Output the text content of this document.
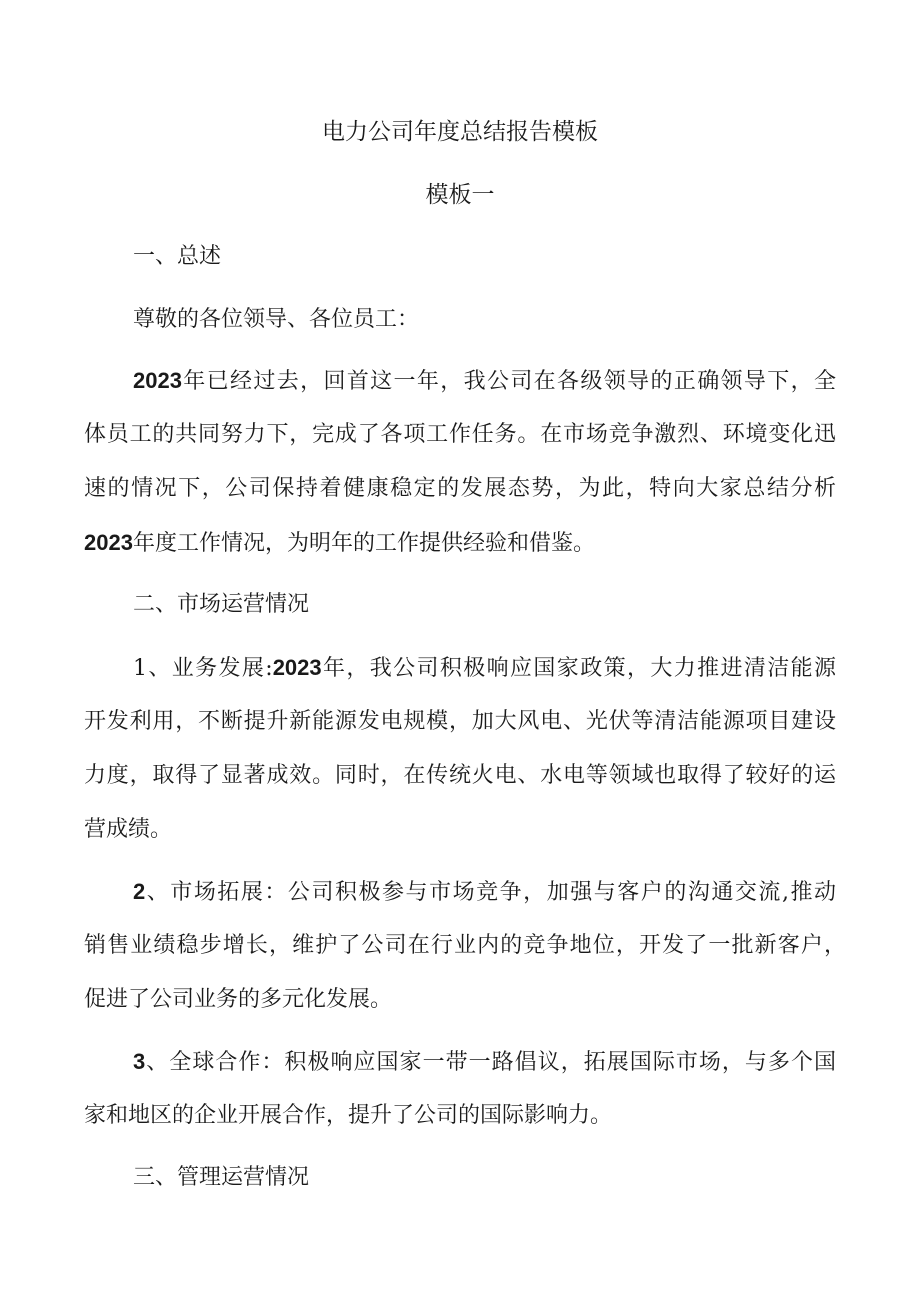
电力公司年度总结报告模板
模板一
一、总述
尊敬的各位领导、各位员工：
2023年已经过去，回首这一年，我公司在各级领导的正确领导下，全
体员工的共同努力下，完成了各项工作任务。在市场竞争激烈、环境变化迅
速的情况下，公司保持着健康稳定的发展态势，为此，特向大家总结分析
2023年度工作情况，为明年的工作提供经验和借鉴。
二、市场运营情况
1、业务发展:2023年，我公司积极响应国家政策，大力推进清洁能源
开发利用，不断提升新能源发电规模，加大风电、光伏等清洁能源项目建设
力度，取得了显著成效。同时，在传统火电、水电等领域也取得了较好的运
营成绩。
2、市场拓展：公司积极参与市场竞争，加强与客户的沟通交流,推动
销售业绩稳步增长，维护了公司在行业内的竞争地位，开发了一批新客户，
促进了公司业务的多元化发展。
3、全球合作：积极响应国家一带一路倡议，拓展国际市场，与多个国
家和地区的企业开展合作，提升了公司的国际影响力。
三、管理运营情况
